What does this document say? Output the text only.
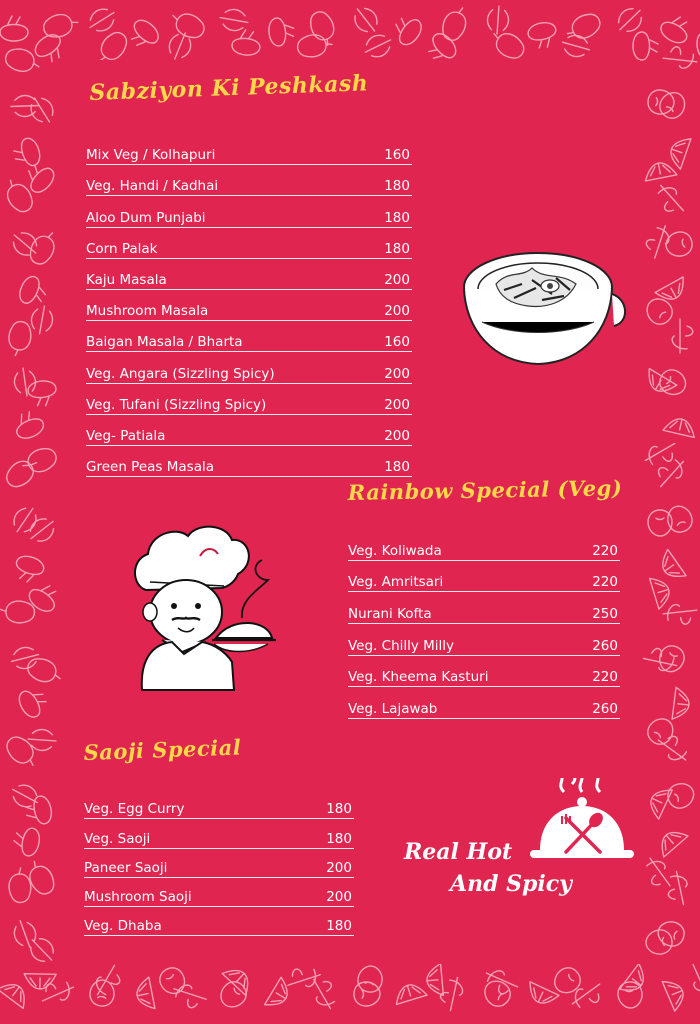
Sabziyon Ki Peshkash
Mix Veg / Kolhapuri	160
Veg. Handi / Kadhai	180
Aloo Dum Punjabi	180
Corn Palak	180
Kaju Masala	200
Mushroom Masala	200
Baigan Masala / Bharta	160
Veg. Angara (Sizzling Spicy)	200
Veg. Tufani (Sizzling Spicy)	200
Veg- Patiala	200
Green Peas Masala	180
Rainbow Special (Veg)
Veg. Koliwada	220
Veg. Amritsari	220
Nurani Kofta	250
Veg. Chilly Milly	260
Veg. Kheema Kasturi	220
Veg. Lajawab	260
Saoji Special
Veg. Egg Curry	180
Veg. Saoji	180
Paneer Saoji	200
Mushroom Saoji	200
Veg. Dhaba	180

Real Hot

And Spicy
